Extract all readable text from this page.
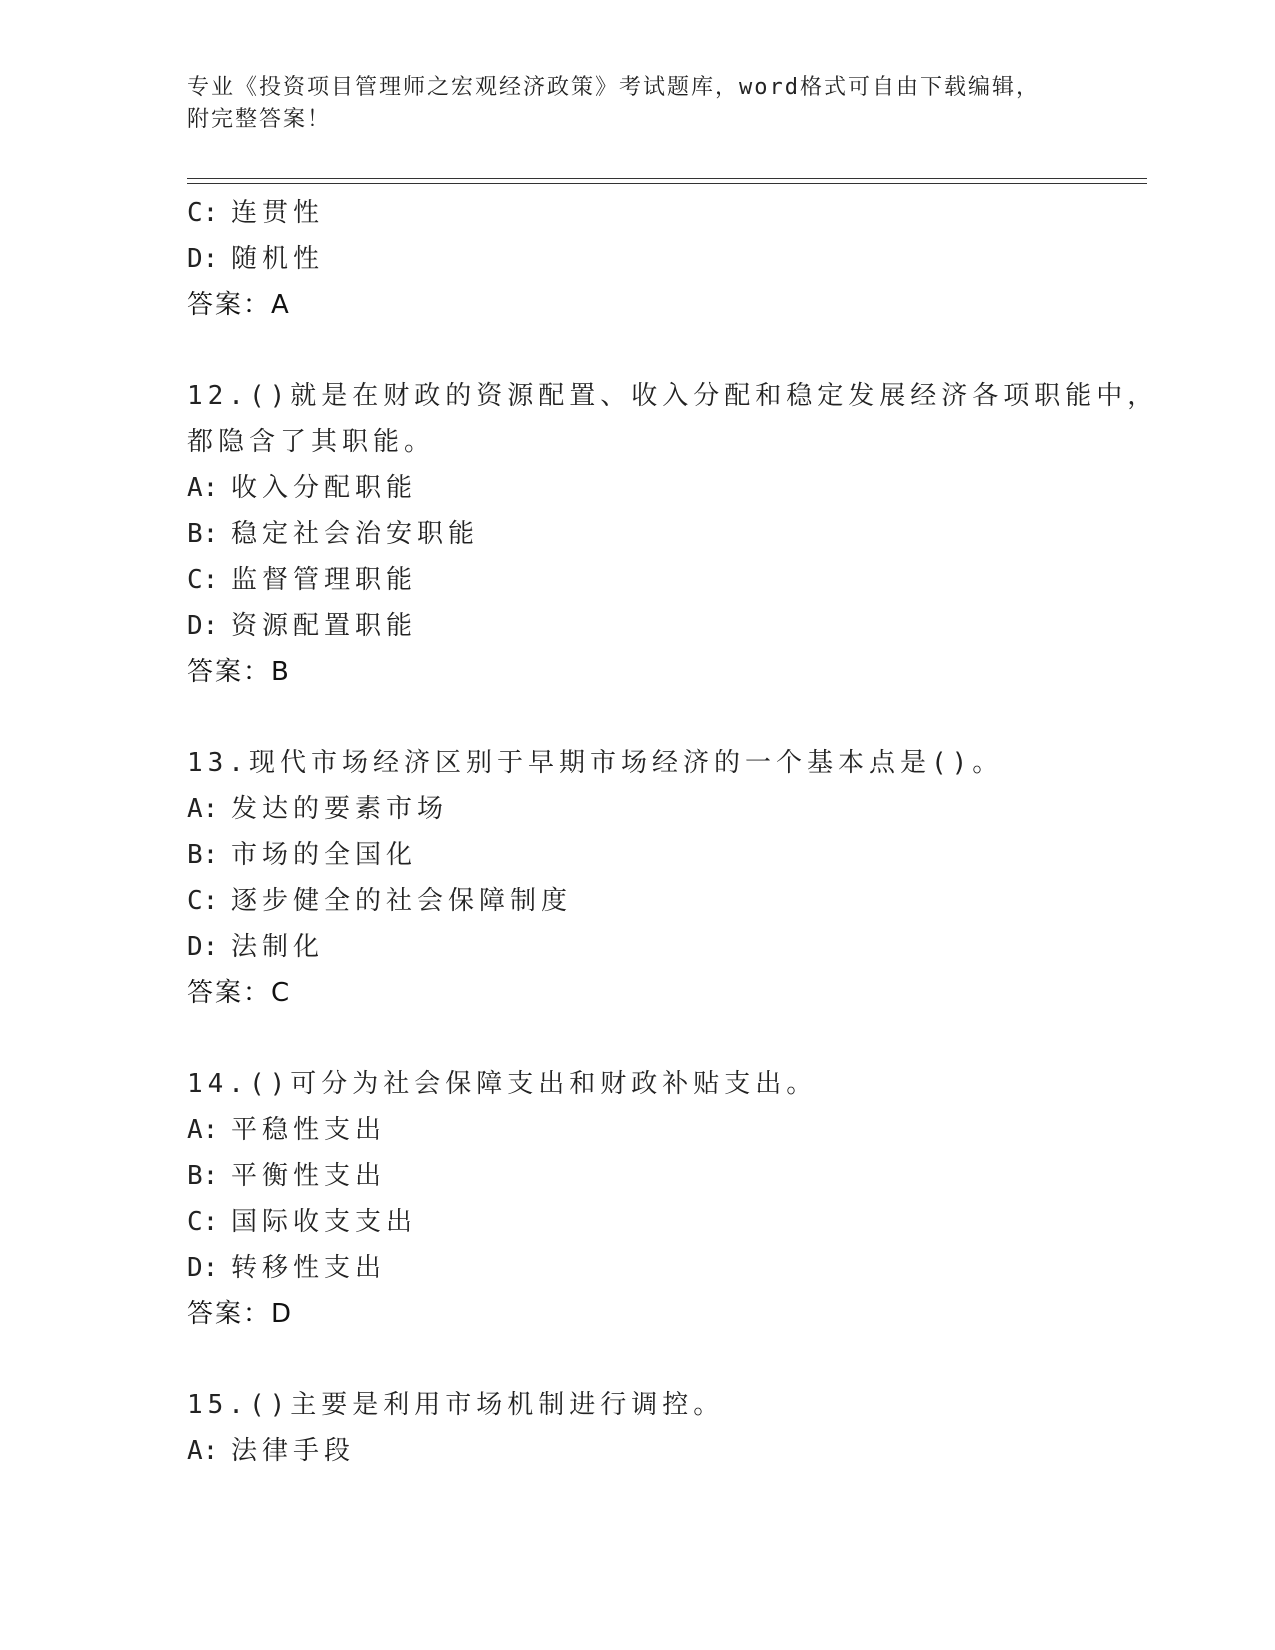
专业《投资项目管理师之宏观经济政策》考试题库，word格式可自由下载编辑，
附完整答案！
C: 连贯性
D: 随机性
答案：A
12.()就是在财政的资源配置、收入分配和稳定发展经济各项职能中，
都隐含了其职能。
A: 收入分配职能
B: 稳定社会治安职能
C: 监督管理职能
D: 资源配置职能
答案：B
13.现代市场经济区别于早期市场经济的一个基本点是()。
A: 发达的要素市场
B: 市场的全国化
C: 逐步健全的社会保障制度
D: 法制化
答案：C
14.()可分为社会保障支出和财政补贴支出。
A: 平稳性支出
B: 平衡性支出
C: 国际收支支出
D: 转移性支出
答案：D
15.()主要是利用市场机制进行调控。
A: 法律手段
